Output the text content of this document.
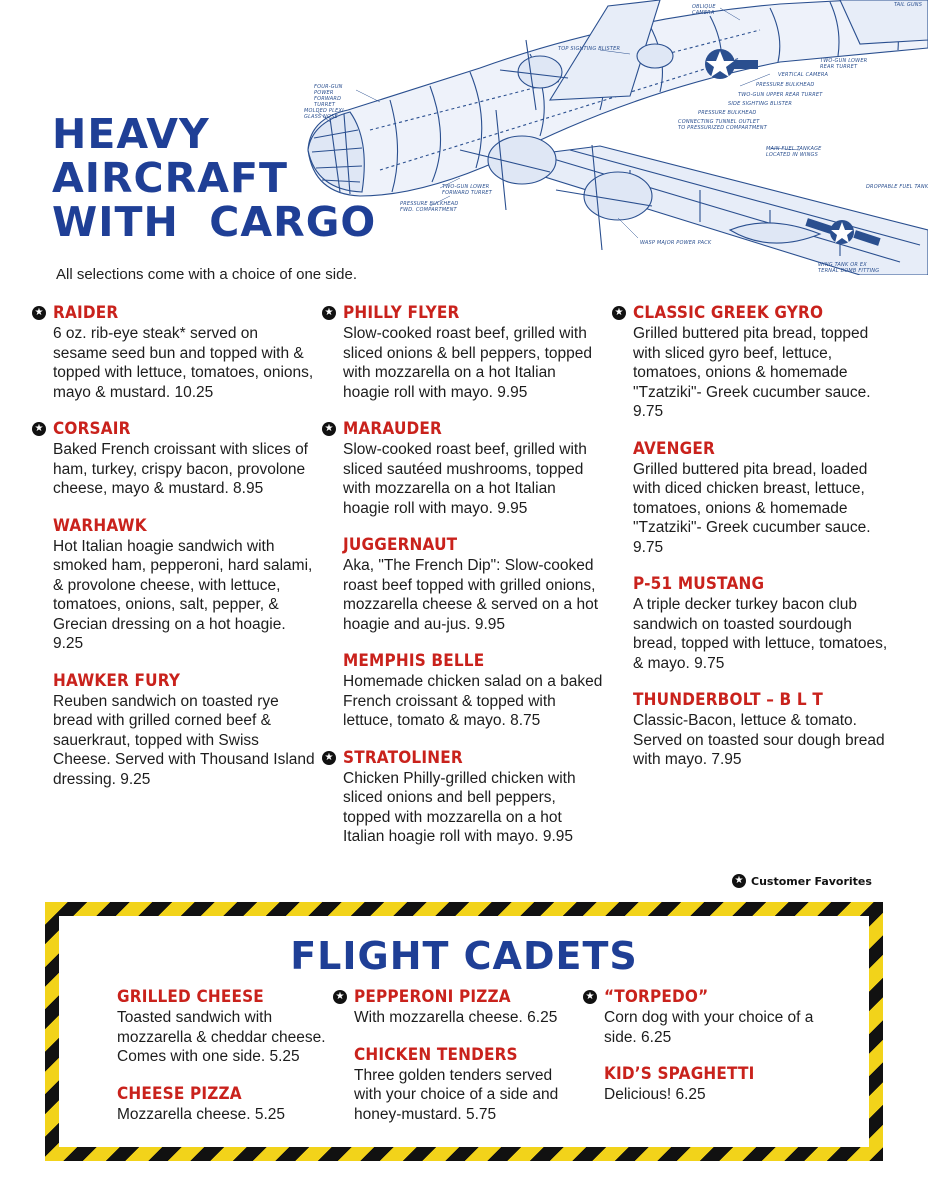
OBLIQUE CAMERA
TAIL GUNS
TOP SIGHTING BLISTER
FOUR-GUN POWER FORWARD TURRET
TWO-GUN LOWER REAR TURRET
VERTICAL CAMERA
PRESSURE BULKHEAD
TWO-GUN UPPER REAR TURRET
MOLDED PLEXI-GLASS NOSE
SIDE SIGHTING BLISTER
PRESSURE BULKHEAD
CONNECTING TUNNEL OUTLET TO PRESSURIZED COMPARTMENT
TWO-GUN LOWER FORWARD TURRET
PRESSURE BULKHEAD FWD. COMPARTMENT
WASP MAJOR POWER PACK
WING TANK OR EX TERNAL BOMB FITTING
MAIN FUEL TANKAGE LOCATED IN WINGS
DROPPABLE FUEL TANK
HEAVY
AIRCRAFT
WITH  CARGO
All selections come with a choice of one side.
★ RAIDER
6 oz. rib-eye steak* served on sesame seed bun and topped with & topped with lettuce, tomatoes, onions, mayo & mustard. 10.25
★ CORSAIR
Baked French croissant with slices of ham, turkey, crispy bacon, provolone cheese, mayo & mustard. 8.95
WARHAWK
Hot Italian hoagie sandwich with smoked ham, pepperoni, hard salami, & provolone cheese, with lettuce, tomatoes, onions, salt, pepper, & Grecian dressing on a hot hoagie. 9.25
HAWKER FURY
Reuben sandwich on toasted rye bread with grilled corned beef & sauerkraut, topped with Swiss Cheese. Served with Thousand Island dressing. 9.25
★ PHILLY FLYER
Slow-cooked roast beef, grilled with sliced onions & bell peppers, topped with mozzarella on a hot Italian hoagie roll with mayo. 9.95
★ MARAUDER
Slow-cooked roast beef, grilled with sliced sautéed mushrooms, topped with mozzarella on a hot Italian hoagie roll with mayo. 9.95
JUGGERNAUT
Aka, "The French Dip": Slow-cooked roast beef topped with grilled onions, mozzarella cheese & served on a hot hoagie and au-jus. 9.95
MEMPHIS BELLE
Homemade chicken salad on a baked French croissant & topped with lettuce, tomato & mayo. 8.75
★ STRATOLINER
Chicken Philly-grilled chicken with sliced onions and bell peppers, topped with mozzarella on a hot Italian hoagie roll with mayo. 9.95
★ CLASSIC GREEK GYRO
Grilled buttered pita bread, topped with sliced gyro beef, lettuce, tomatoes, onions & homemade "Tzatziki"- Greek cucumber sauce. 9.75
AVENGER
Grilled buttered pita bread, loaded with diced chicken breast, lettuce, tomatoes, onions & homemade "Tzatziki"- Greek cucumber sauce. 9.75
P-51 MUSTANG
A triple decker turkey bacon club sandwich on toasted sourdough bread, topped with lettuce, tomatoes, & mayo. 9.75
THUNDERBOLT – B L T
Classic-Bacon, lettuce & tomato. Served on toasted sour dough bread with mayo. 7.95
★ Customer Favorites
FLIGHT CADETS
GRILLED CHEESE
Toasted sandwich with mozzarella & cheddar cheese. Comes with one side. 5.25
CHEESE PIZZA
Mozzarella cheese. 5.25
★ PEPPERONI PIZZA
With mozzarella cheese. 6.25
CHICKEN TENDERS
Three golden tenders served with your choice of a side and honey-mustard. 5.75
★ “TORPEDO”
Corn dog with your choice of a side. 6.25
KID’S SPAGHETTI
Delicious! 6.25
